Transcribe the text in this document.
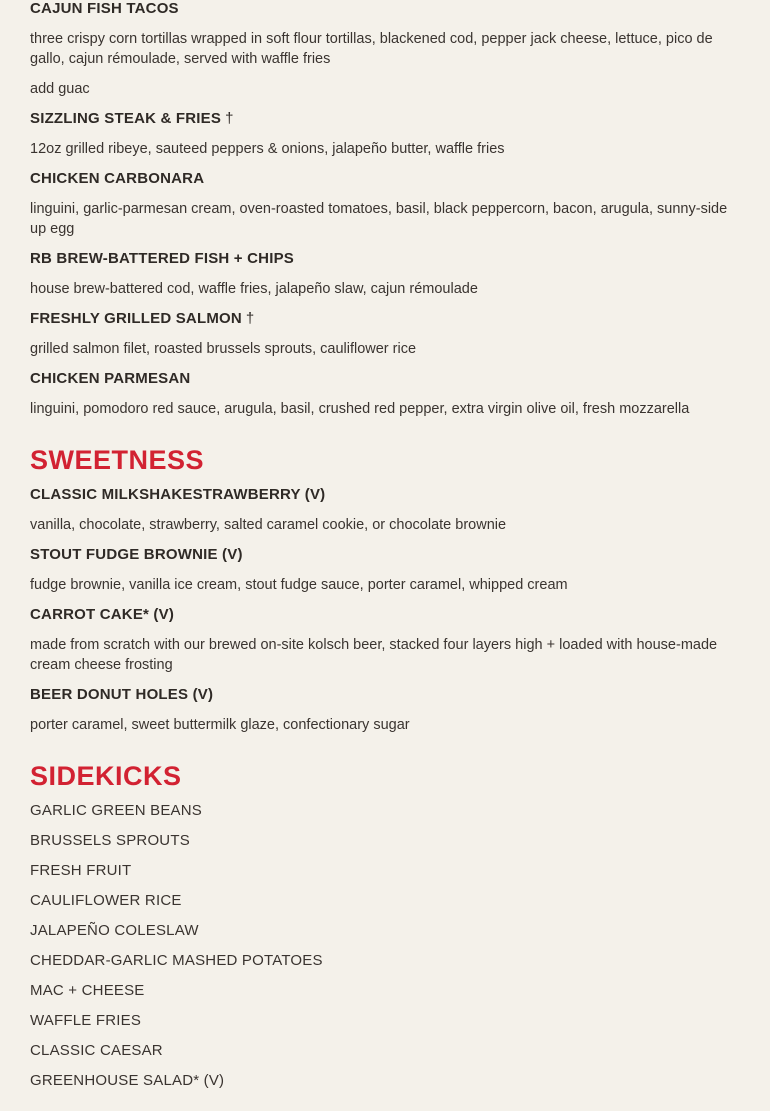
CAJUN FISH TACOS
three crispy corn tortillas wrapped in soft flour tortillas, blackened cod, pepper jack cheese, lettuce, pico de gallo, cajun rémoulade, served with waffle fries
add guac
SIZZLING STEAK & FRIES †
12oz grilled ribeye, sauteed peppers & onions, jalapeño butter, waffle fries
CHICKEN CARBONARA
linguini, garlic-parmesan cream, oven-roasted tomatoes, basil, black peppercorn, bacon, arugula, sunny-side up egg
RB BREW-BATTERED FISH + CHIPS
house brew-battered cod, waffle fries, jalapeño slaw, cajun rémoulade
FRESHLY GRILLED SALMON †
grilled salmon filet, roasted brussels sprouts, cauliflower rice
CHICKEN PARMESAN
linguini, pomodoro red sauce, arugula, basil, crushed red pepper, extra virgin olive oil, fresh mozzarella
SWEETNESS
CLASSIC MILKSHAKESTRAWBERRY (V)
vanilla, chocolate, strawberry, salted caramel cookie, or chocolate brownie
STOUT FUDGE BROWNIE (V)
fudge brownie, vanilla ice cream, stout fudge sauce, porter caramel, whipped cream
CARROT CAKE* (V)
made from scratch with our brewed on-site kolsch beer, stacked four layers high + loaded with house-made cream cheese frosting
BEER DONUT HOLES (V)
porter caramel, sweet buttermilk glaze, confectionary sugar
SIDEKICKS
GARLIC GREEN BEANS
BRUSSELS SPROUTS
FRESH FRUIT
CAULIFLOWER RICE
JALAPEÑO COLESLAW
CHEDDAR-GARLIC MASHED POTATOES
MAC + CHEESE
WAFFLE FRIES
CLASSIC CAESAR
GREENHOUSE SALAD* (V)
